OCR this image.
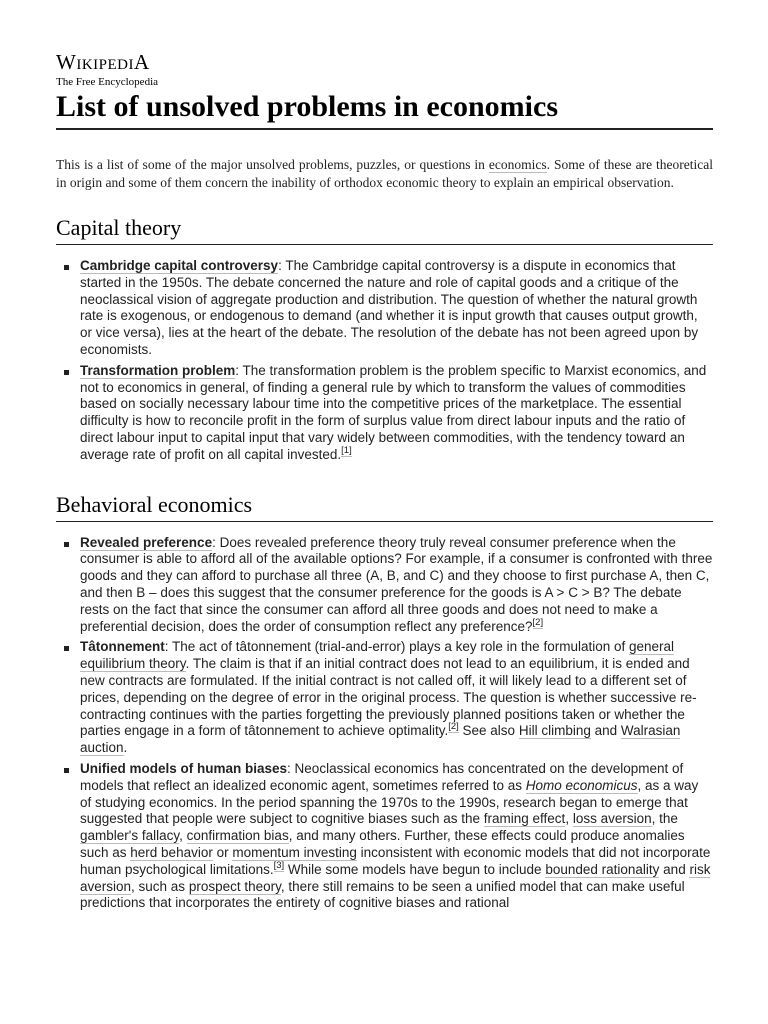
WIKIPEDIA
The Free Encyclopedia
List of unsolved problems in economics

This is a list of some of the major unsolved problems, puzzles, or questions in economics. Some of these are theoretical in origin and some of them concern the inability of orthodox economic theory to explain an empirical observation.

Capital theory
Cambridge capital controversy: The Cambridge capital controversy is a dispute in economics that started in the 1950s. The debate concerned the nature and role of capital goods and a critique of the neoclassical vision of aggregate production and distribution. The question of whether the natural growth rate is exogenous, or endogenous to demand (and whether it is input growth that causes output growth, or vice versa), lies at the heart of the debate. The resolution of the debate has not been agreed upon by economists.
Transformation problem: The transformation problem is the problem specific to Marxist economics, and not to economics in general, of finding a general rule by which to transform the values of commodities based on socially necessary labour time into the competitive prices of the marketplace. The essential difficulty is how to reconcile profit in the form of surplus value from direct labour inputs and the ratio of direct labour input to capital input that vary widely between commodities, with the tendency toward an average rate of profit on all capital invested.[1]
Behavioral economics
Revealed preference: Does revealed preference theory truly reveal consumer preference when the consumer is able to afford all of the available options? For example, if a consumer is confronted with three goods and they can afford to purchase all three (A, B, and C) and they choose to first purchase A, then C, and then B – does this suggest that the consumer preference for the goods is A > C > B? The debate rests on the fact that since the consumer can afford all three goods and does not need to make a preferential decision, does the order of consumption reflect any preference?[2]
Tâtonnement: The act of tâtonnement (trial-and-error) plays a key role in the formulation of general equilibrium theory. The claim is that if an initial contract does not lead to an equilibrium, it is ended and new contracts are formulated. If the initial contract is not called off, it will likely lead to a different set of prices, depending on the degree of error in the original process. The question is whether successive re-contracting continues with the parties forgetting the previously planned positions taken or whether the parties engage in a form of tâtonnement to achieve optimality.[2] See also Hill climbing and Walrasian auction.
Unified models of human biases: Neoclassical economics has concentrated on the development of models that reflect an idealized economic agent, sometimes referred to as Homo economicus, as a way of studying economics. In the period spanning the 1970s to the 1990s, research began to emerge that suggested that people were subject to cognitive biases such as the framing effect, loss aversion, the gambler's fallacy, confirmation bias, and many others. Further, these effects could produce anomalies such as herd behavior or momentum investing inconsistent with economic models that did not incorporate human psychological limitations.[3] While some models have begun to include bounded rationality and risk aversion, such as prospect theory, there still remains to be seen a unified model that can make useful predictions that incorporates the entirety of cognitive biases and rational
